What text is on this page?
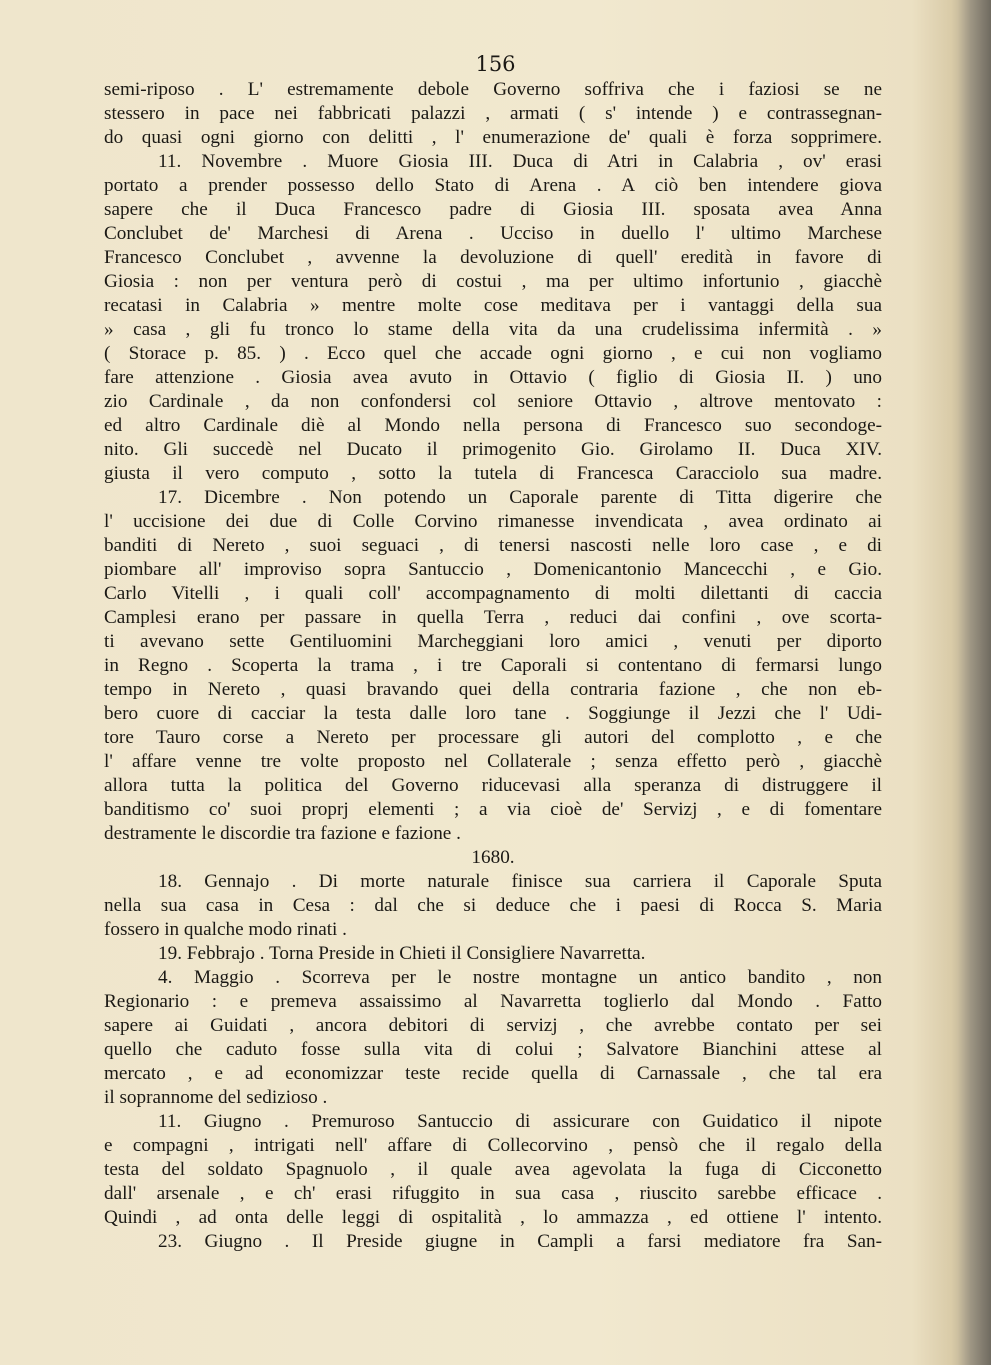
156
semi-riposo . L' estremamente debole Governo soffriva che i faziosi se ne
stessero in pace nei fabbricati palazzi , armati ( s' intende ) e contrassegnan-
do quasi ogni giorno con delitti , l' enumerazione de' quali è forza sopprimere.
11. Novembre . Muore Giosia III. Duca di Atri in Calabria , ov' erasi
portato a prender possesso dello Stato di Arena . A ciò ben intendere giova
sapere che il Duca Francesco padre di Giosia III. sposata avea Anna
Conclubet de' Marchesi di Arena . Ucciso in duello l' ultimo Marchese
Francesco Conclubet , avvenne la devoluzione di quell' eredità in favore di
Giosia : non per ventura però di costui , ma per ultimo infortunio , giacchè
recatasi in Calabria » mentre molte cose meditava per i vantaggi della sua
» casa , gli fu tronco lo stame della vita da una crudelissima infermità . »
( Storace p. 85. ) . Ecco quel che accade ogni giorno , e cui non vogliamo
fare attenzione . Giosia avea avuto in Ottavio ( figlio di Giosia II. ) uno
zio Cardinale , da non confondersi col seniore Ottavio , altrove mentovato :
ed altro Cardinale diè al Mondo nella persona di Francesco suo secondoge-
nito. Gli succedè nel Ducato il primogenito Gio. Girolamo II. Duca XIV.
giusta il vero computo , sotto la tutela di Francesca Caracciolo sua madre.
17. Dicembre . Non potendo un Caporale parente di Titta digerire che
l' uccisione dei due di Colle Corvino rimanesse invendicata , avea ordinato ai
banditi di Nereto , suoi seguaci , di tenersi nascosti nelle loro case , e di
piombare all' improviso sopra Santuccio , Domenicantonio Mancecchi , e Gio.
Carlo Vitelli , i quali coll' accompagnamento di molti dilettanti di caccia
Camplesi erano per passare in quella Terra , reduci dai confini , ove scorta-
ti avevano sette Gentiluomini Marcheggiani loro amici , venuti per diporto
in Regno . Scoperta la trama , i tre Caporali si contentano di fermarsi lungo
tempo in Nereto , quasi bravando quei della contraria fazione , che non eb-
bero cuore di cacciar la testa dalle loro tane . Soggiunge il Jezzi che l' Udi-
tore Tauro corse a Nereto per processare gli autori del complotto , e che
l' affare venne tre volte proposto nel Collaterale ; senza effetto però , giacchè
allora tutta la politica del Governo riducevasi alla speranza di distruggere il
banditismo co' suoi proprj elementi ; a via cioè de' Servizj , e di fomentare
destramente le discordie tra fazione e fazione .
1680.
18. Gennajo . Di morte naturale finisce sua carriera il Caporale Sputa
nella sua casa in Cesa : dal che si deduce che i paesi di Rocca S. Maria
fossero in qualche modo rinati .
19. Febbrajo . Torna Preside in Chieti il Consigliere Navarretta.
4. Maggio . Scorreva per le nostre montagne un antico bandito , non
Regionario : e premeva assaissimo al Navarretta toglierlo dal Mondo . Fatto
sapere ai Guidati , ancora debitori di servizj , che avrebbe contato per sei
quello che caduto fosse sulla vita di colui ; Salvatore Bianchini attese al
mercato , e ad economizzar teste recide quella di Carnassale , che tal era
il soprannome del sedizioso .
11. Giugno . Premuroso Santuccio di assicurare con Guidatico il nipote
e compagni , intrigati nell' affare di Collecorvino , pensò che il regalo della
testa del soldato Spagnuolo , il quale avea agevolata la fuga di Cicconetto
dall' arsenale , e ch' erasi rifuggito in sua casa , riuscito sarebbe efficace .
Quindi , ad onta delle leggi di ospitalità , lo ammazza , ed ottiene l' intento.
23. Giugno . Il Preside giugne in Campli a farsi mediatore fra San-
